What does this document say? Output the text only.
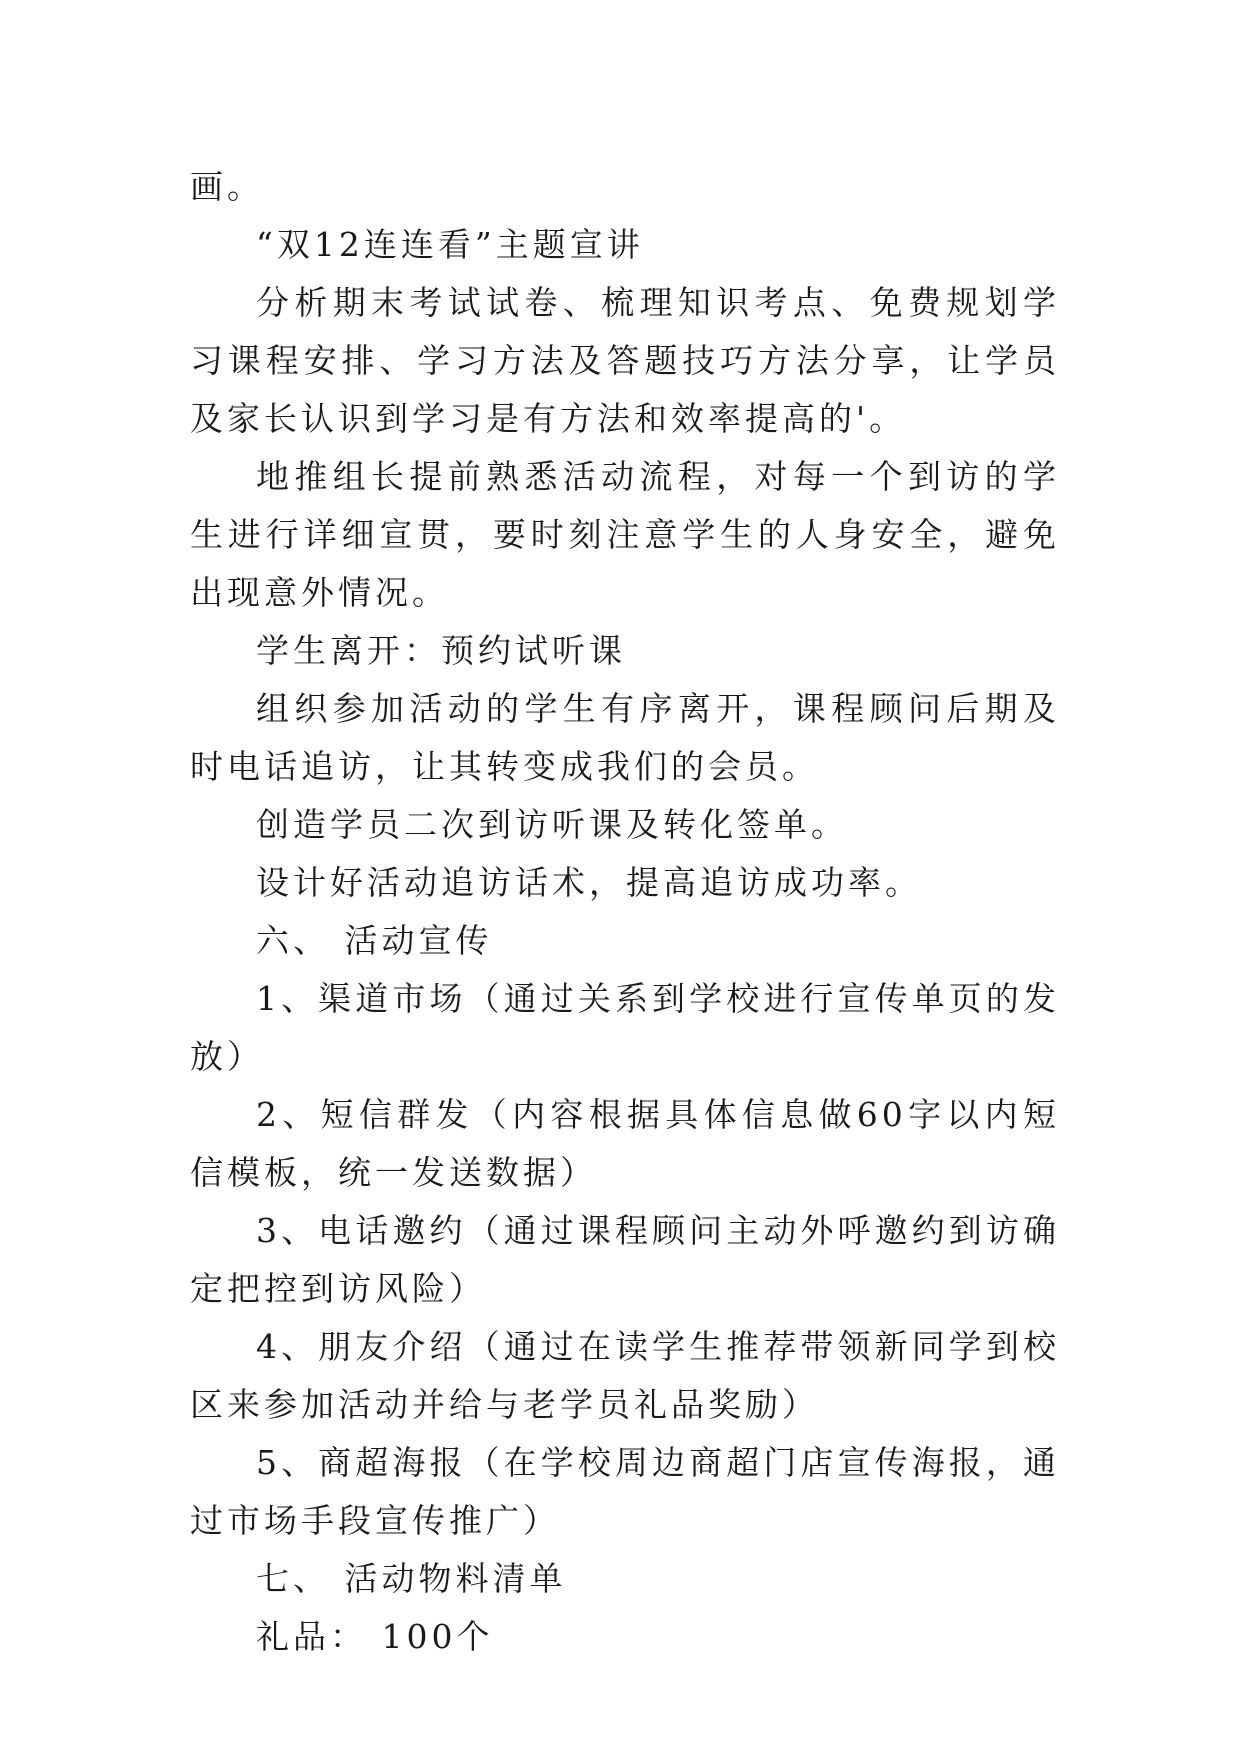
画。

“双12连连看”主题宣讲

分析期末考试试卷、梳理知识考点、免费规划学习课程安排、学习方法及答题技巧方法分享，让学员及家长认识到学习是有方法和效率提高的'。

地推组长提前熟悉活动流程，对每一个到访的学生进行详细宣贯，要时刻注意学生的人身安全，避免出现意外情况。

学生离开：预约试听课

组织参加活动的学生有序离开，课程顾问后期及时电话追访，让其转变成我们的会员。

创造学员二次到访听课及转化签单。

设计好活动追访话术，提高追访成功率。

六、 活动宣传

1、渠道市场（通过关系到学校进行宣传单页的发放）

2、短信群发（内容根据具体信息做60字以内短信模板，统一发送数据）

3、电话邀约（通过课程顾问主动外呼邀约到访确定把控到访风险）

4、朋友介绍（通过在读学生推荐带领新同学到校区来参加活动并给与老学员礼品奖励）

5、商超海报（在学校周边商超门店宣传海报，通过市场手段宣传推广）

七、 活动物料清单

礼品： 100个
